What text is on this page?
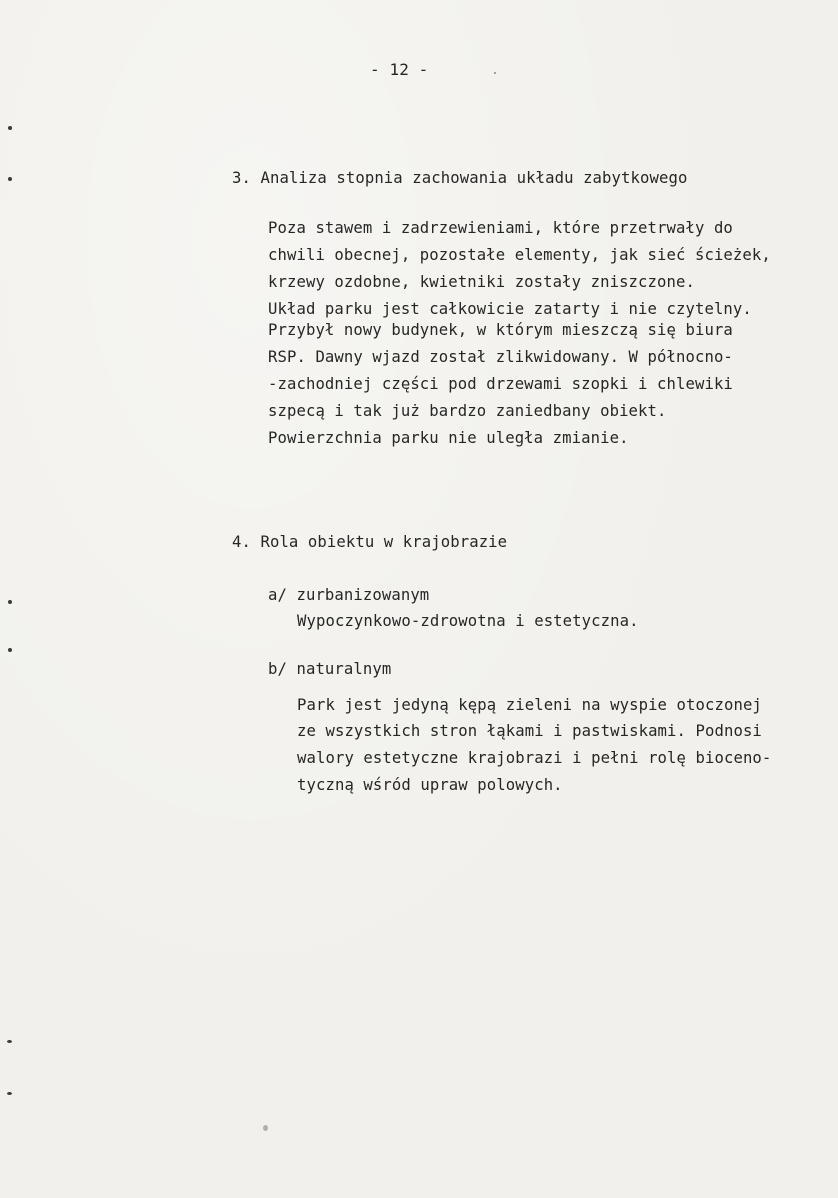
- 12 -
3. Analiza stopnia zachowania układu zabytkowego
Poza stawem i zadrzewieniami, które przetrwały do
chwili obecnej, pozostałe elementy, jak sieć ścieżek,
krzewy ozdobne, kwietniki zostały zniszczone.
Układ parku jest całkowicie zatarty i nie czytelny.
Przybył nowy budynek, w którym mieszczą się biura
RSP. Dawny wjazd został zlikwidowany. W północno-
-zachodniej części pod drzewami szopki i chlewiki
szpecą i tak już bardzo zaniedbany obiekt.
Powierzchnia parku nie uległa zmianie.
4. Rola obiektu w krajobrazie
a/ zurbanizowanym
Wypoczynkowo-zdrowotna i estetyczna.
b/ naturalnym
Park jest jedyną kępą zieleni na wyspie otoczonej
ze wszystkich stron łąkami i pastwiskami. Podnosi
walory estetyczne krajobrazi i pełni rolę bioceno-
tyczną wśród upraw polowych.
